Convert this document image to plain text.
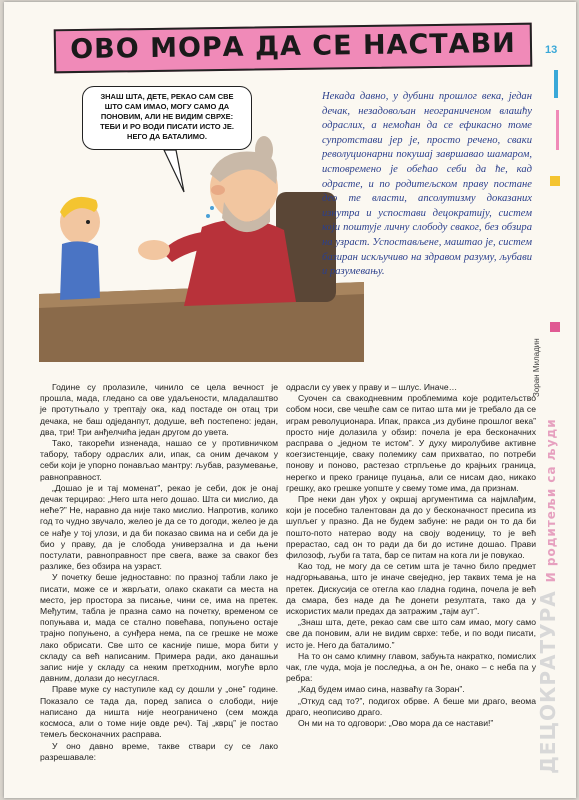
ОВО МОРА ДА СЕ НАСТАВИ	13
Зоран Миладин
ДЕЦОКРАТУРА И родитељи са људи
ЗНАШ ШТА, ДЕТЕ, РЕКАО САМ СВЕ
ШТО САМ ИМАО, МОГУ САМО ДА
ПОНОВИМ, АЛИ НЕ ВИДИМ СВРХЕ:
ТЕБИ И РО ВОДИ ПИСАТИ ИСТО ЈЕ.
НЕГО ДА БАТАЛИМО.
Некада давно, у дубини прошлог века, један дечак, незадовољан неограниченом влашћу одраслих, а немоћан да се ефикасно томе супротстави јер је, просто речено, сваки револуционарни покушај завршавао шамаром, истовремено је обећао себи да ће, кад одрасте, и по родитељском праву постане део те власти, апсолутизму доказаних изнутра и успостави децократију, систем који поштује личну слободу сваког, без обзира на узраст. Успостављене, маштао је, систем базиран искључиво на здравом разуму, љубави и разумевању.

Године су пролазиле, чинило се цела вечност је прошла, мада, гледано са ове удаљености, младалаштво је протутњало у трептају ока, кад постаде он отац три дечака, не баш одједанпут, додуше, већ постепено: један, два, три! Три анђелчића један другом до увета.

Тако, такорећи изненада, нашао се у противничком табору, табору одраслих али, ипак, са оним дечаком у себи који је упорно понављао мантру: љубав, разумевање, равноправност.

„Дошао је и тај моменат”, рекао је себи, док је онај дечак терцирао: „Него шта него дошао. Шта си мислио, да неће?” Не, наравно да није тако мислио. Напротив, колико год то чудно звучало, желео је да се то догоди, желео је да се нађе у тој улози, и да би показао свима на и себи да је био у праву, да је слобода универзална и да њени постулати, равноправност пре свега, важе за сваког без разлике, без обзира на узраст.

У почетку беше једноставно: по празној табли лако је писати, може се и жврљати, олако скакати са места на место, јер простора за писање, чини се, има на претек. Међутим, табла је празна само на почетку, временом се попуњава и, мада се стално повећава, попуњено остаје трајно попуњено, а сунђера нема, па се грешке не може лако обрисати. Све што се касније пише, мора бити у складу са већ написаним. Примера ради, ако данашњи запис није у складу са неким претходним, могуће врло давним, долази до несуглася.

Праве муке су наступиле кад су дошли у „оне” године. Показало се тада да, поред записа о слободи, није написано да ништа није неограничено (сем можда космоса, али о томе није овде реч). Тај „кврц” је постао темељ бесконачних расправа.

У оно давно време, такве ствари су се лако разрешавале:

одрасли су увек у праву и – шлус. Иначе…

Суочен са свакодневним проблемима које родитељство собом носи, све чешће сам се питао шта ми је требало да се играм револуционара. Ипак, пракса „из дубине прошлог века” просто није долазила у обзир: почела је ера бесконачних расправа о „једном те истом”. У духу миролубиве активне коегзистенције, сваку полемику сам прихватао, по потреби понову и поново, растезао стрпљење до крајњих граница, нерегко и преко границе пуцања, али се нисам дао, никако грешку, ако грешке уопште у свему томе има, да признам.

Пре неки дан уђох у окршај аргументима са најмлађим, који је посебно талентован да до у бесконачност пресипа из шупљег у празно. Да не будем забуне: не ради он то да би поштo-пото натерао воду на своју воденицу, то је већ прерастао, сад он то ради да би до истине дошао. Прави филозоф, љуби га тата, бар се питам на кога ли је повукао.

Као тод, не могу да се сетим шта је тачно било предмет надгорњавања, што је иначе свеједно, јер таквих тема је на претек. Дискусија се отегла као гладна година, почела је већ да смара, без наде да ће донети резултата, тако да у искористих мали предах да затражим „тајм аут”.

„Знаш шта, дете, рекао сам све што сам имао, могу само све да поновим, али не видим сврхе: тебе, и по води писати, исто је. Него да баталимо.”

На то он само климну главом, забуњта накратко, помислих чак, гле чуда, моја је последња, а он ће, онако – с неба па у ребра:

„Кад будем имао сина, назваћу га Зоран”.

„Откуд сад то?”, подигох обрве. А беше ми драго, веома драго, неописиво драго.

Он ми на то одговори: „Ово мора да се настави!”
